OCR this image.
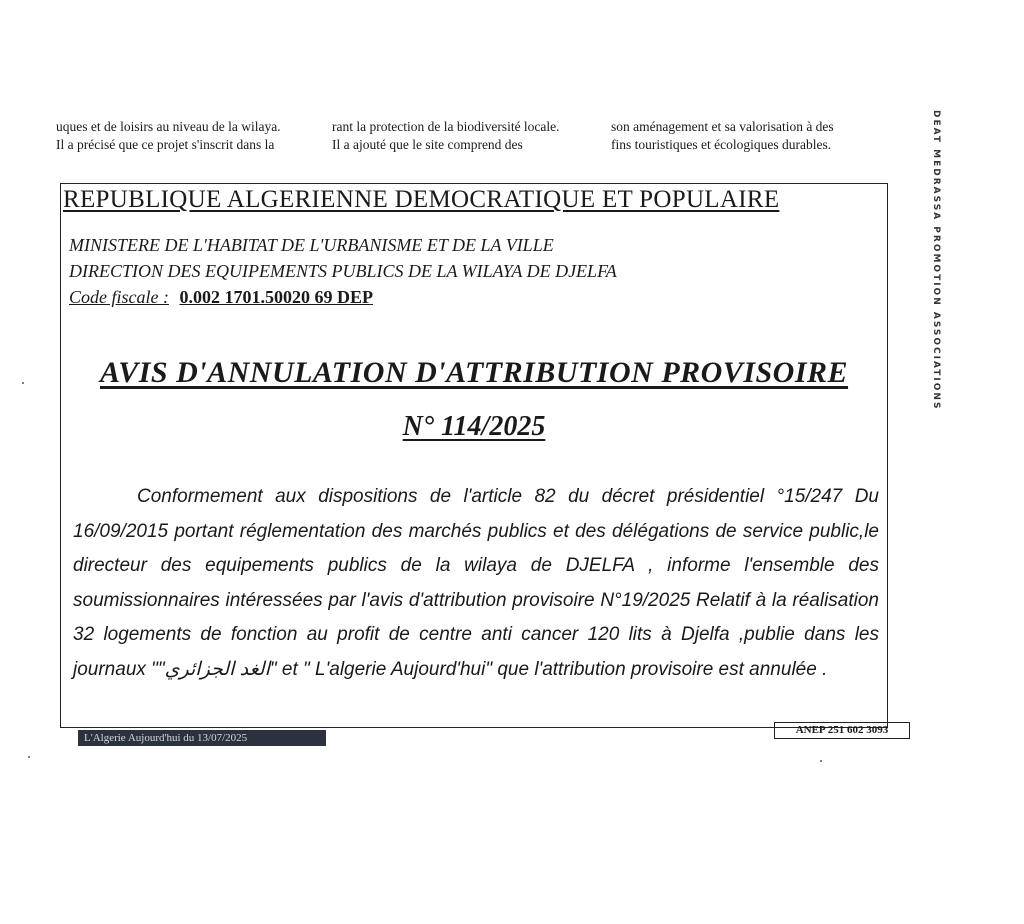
uques et de loisirs au niveau de la wilaya.
Il a précisé que ce projet s'inscrit dans la
rant la protection de la biodiversité locale.
Il a ajouté que le site comprend des
son aménagement et sa valorisation à des
fins touristiques et écologiques durables.	DÉAT MEDRASSA PROMOTION ASSOCIATIONS
REPUBLIQUE ALGERIENNE DEMOCRATIQUE ET POPULAIRE
MINISTERE DE L'HABITAT DE L'URBANISME ET DE LA VILLE
DIRECTION DES EQUIPEMENTS PUBLICS DE LA WILAYA DE DJELFA
Code fiscale : 0.002 1701.50020 69 DEP
AVIS D'ANNULATION D'ATTRIBUTION PROVISOIRE
N° 114/2025
Conformement aux dispositions de l'article 82 du décret présidentiel °15/247 Du 16/09/2015 portant réglementation des marchés publics et des délégations de service public,le directeur des equipements publics de la wilaya de DJELFA , informe l'ensemble des soumissionnaires intéressées par l'avis d'attribution provisoire N°19/2025 Relatif à la réalisation 32 logements de fonction au profit de centre anti cancer 120 lits à Djelfa ,publie dans les journaux ""الغد الجزائري" et " L'algerie Aujourd'hui" que l'attribution provisoire est annulée .
ANEP 251 602 3093
L'Algerie Aujourd'hui du 13/07/2025
